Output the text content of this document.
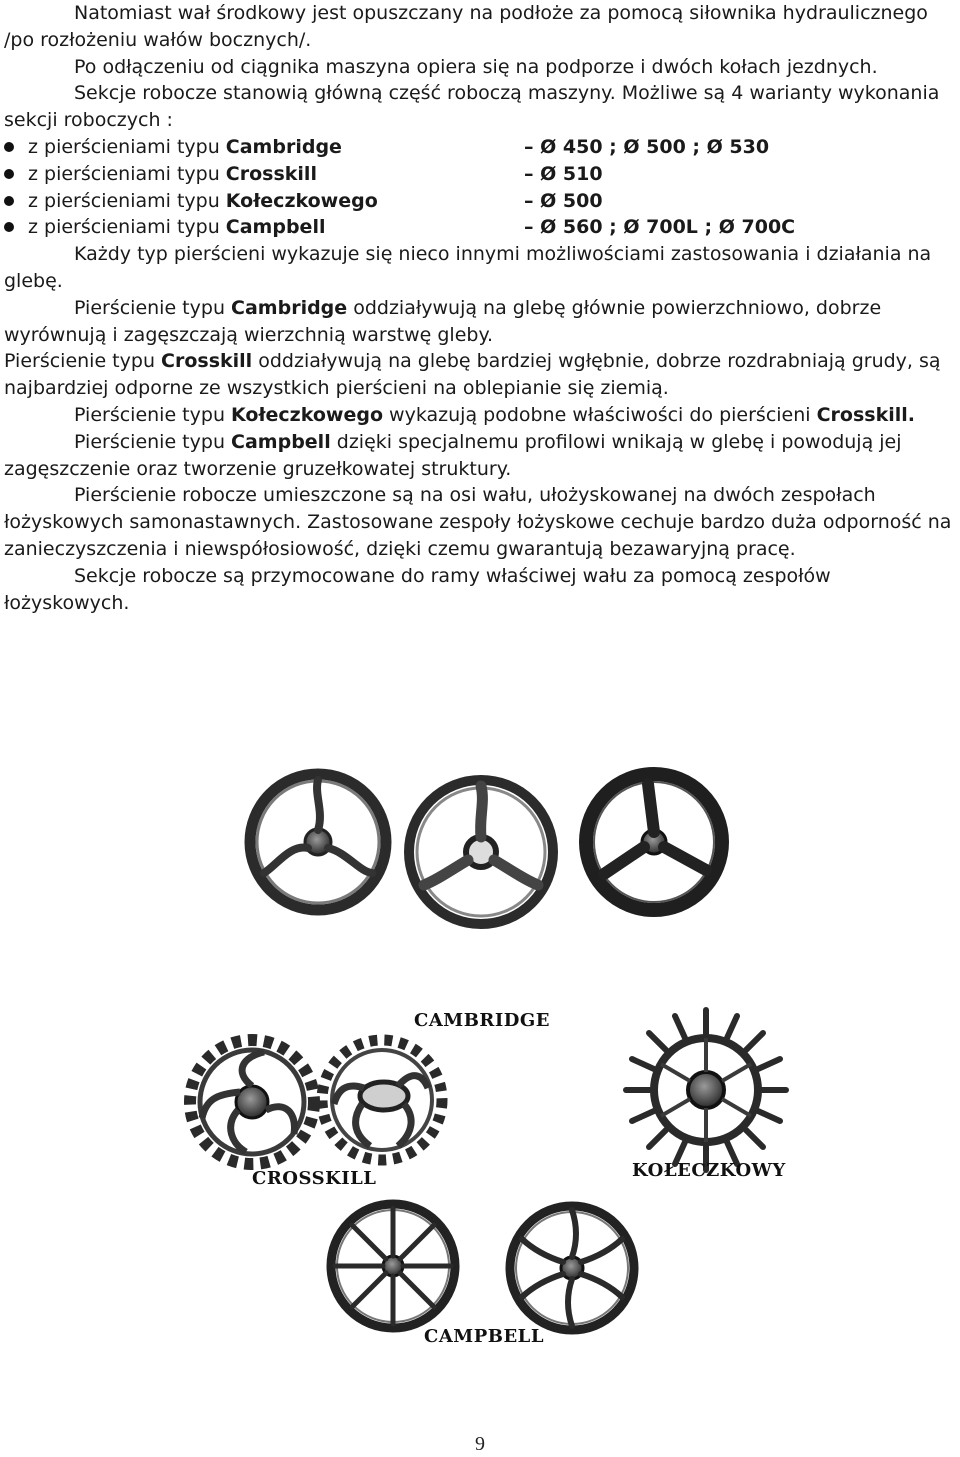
Natomiast wał środkowy jest opuszczany na podłoże za pomocą siłownika hydraulicznego /po rozłożeniu wałów bocznych/.

Po odłączeniu od ciągnika maszyna opiera się na podporze i dwóch kołach jezdnych.

Sekcje robocze stanowią główną część roboczą maszyny. Możliwe są 4 warianty wykonania sekcji roboczych :

z pierścieniami typu Cambridge	– Ø 450 ; Ø 500 ; Ø 530
z pierścieniami typu Crosskill	– Ø 510
z pierścieniami typu Kołeczkowego	– Ø 500
z pierścieniami typu Campbell	– Ø 560 ; Ø 700L ; Ø 700C

Każdy typ pierścieni wykazuje się nieco innymi możliwościami zastosowania i działania na glebę.

Pierścienie typu Cambridge oddziaływują na glebę głównie powierzchniowo, dobrze wyrównują i zagęszczają wierzchnią warstwę gleby.

Pierścienie typu Crosskill oddziaływują na glebę bardziej wgłębnie, dobrze rozdrabniają grudy, są najbardziej odporne ze wszystkich pierścieni na oblepianie się ziemią.

Pierścienie typu Kołeczkowego wykazują podobne właściwości do pierścieni Crosskill.

Pierścienie typu Campbell dzięki specjalnemu profilowi wnikają w glebę i powodują jej zagęszczenie oraz tworzenie gruzełkowatej struktury.

Pierścienie robocze umieszczone są na osi wału, ułożyskowanej na dwóch zespołach łożyskowych samonastawnych. Zastosowane zespoły łożyskowe cechuje bardzo duża odporność na zanieczyszczenia i niewspółosiowość, dzięki czemu gwarantują bezawaryjną pracę.

Sekcje robocze są przymocowane do ramy właściwej wału za pomocą zespołów łożyskowych.

CAMBRIDGE
CROSSKILL	KOŁECZKOWY
CAMPBELL
9
